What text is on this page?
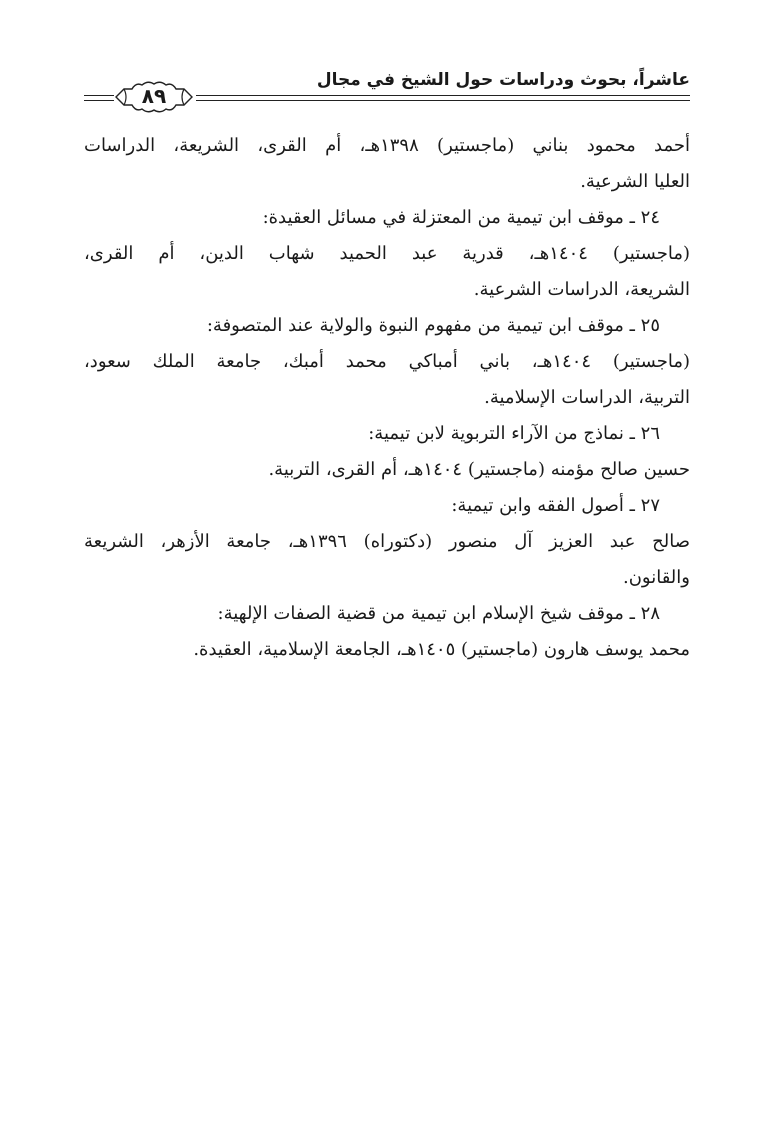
عاشراً، بحوث ودراسات حول الشيخ في مجال
٨٩
أحمد محمود بناني (ماجستير) ١٣٩٨هـ، أم القرى، الشريعة، الدراسات
العليا الشرعية.
٢٤ ـ موقف ابن تيمية من المعتزلة في مسائل العقيدة:
(ماجستير) ١٤٠٤هـ، قدرية عبد الحميد شهاب الدين، أم القرى،
الشريعة، الدراسات الشرعية.
٢٥ ـ موقف ابن تيمية من مفهوم النبوة والولاية عند المتصوفة:
(ماجستير) ١٤٠٤هـ، باني أمباكي محمد أمبك، جامعة الملك سعود،
التربية، الدراسات الإسلامية.
٢٦ ـ نماذج من الآراء التربوية لابن تيمية:
حسين صالح مؤمنه (ماجستير) ١٤٠٤هـ، أم القرى، التربية.
٢٧ ـ أصول الفقه وابن تيمية:
صالح عبد العزيز آل منصور (دكتوراه) ١٣٩٦هـ، جامعة الأزهر، الشريعة
والقانون.
٢٨ ـ موقف شيخ الإسلام ابن تيمية من قضية الصفات الإلهية:
محمد يوسف هارون (ماجستير) ١٤٠٥هـ، الجامعة الإسلامية، العقيدة.
